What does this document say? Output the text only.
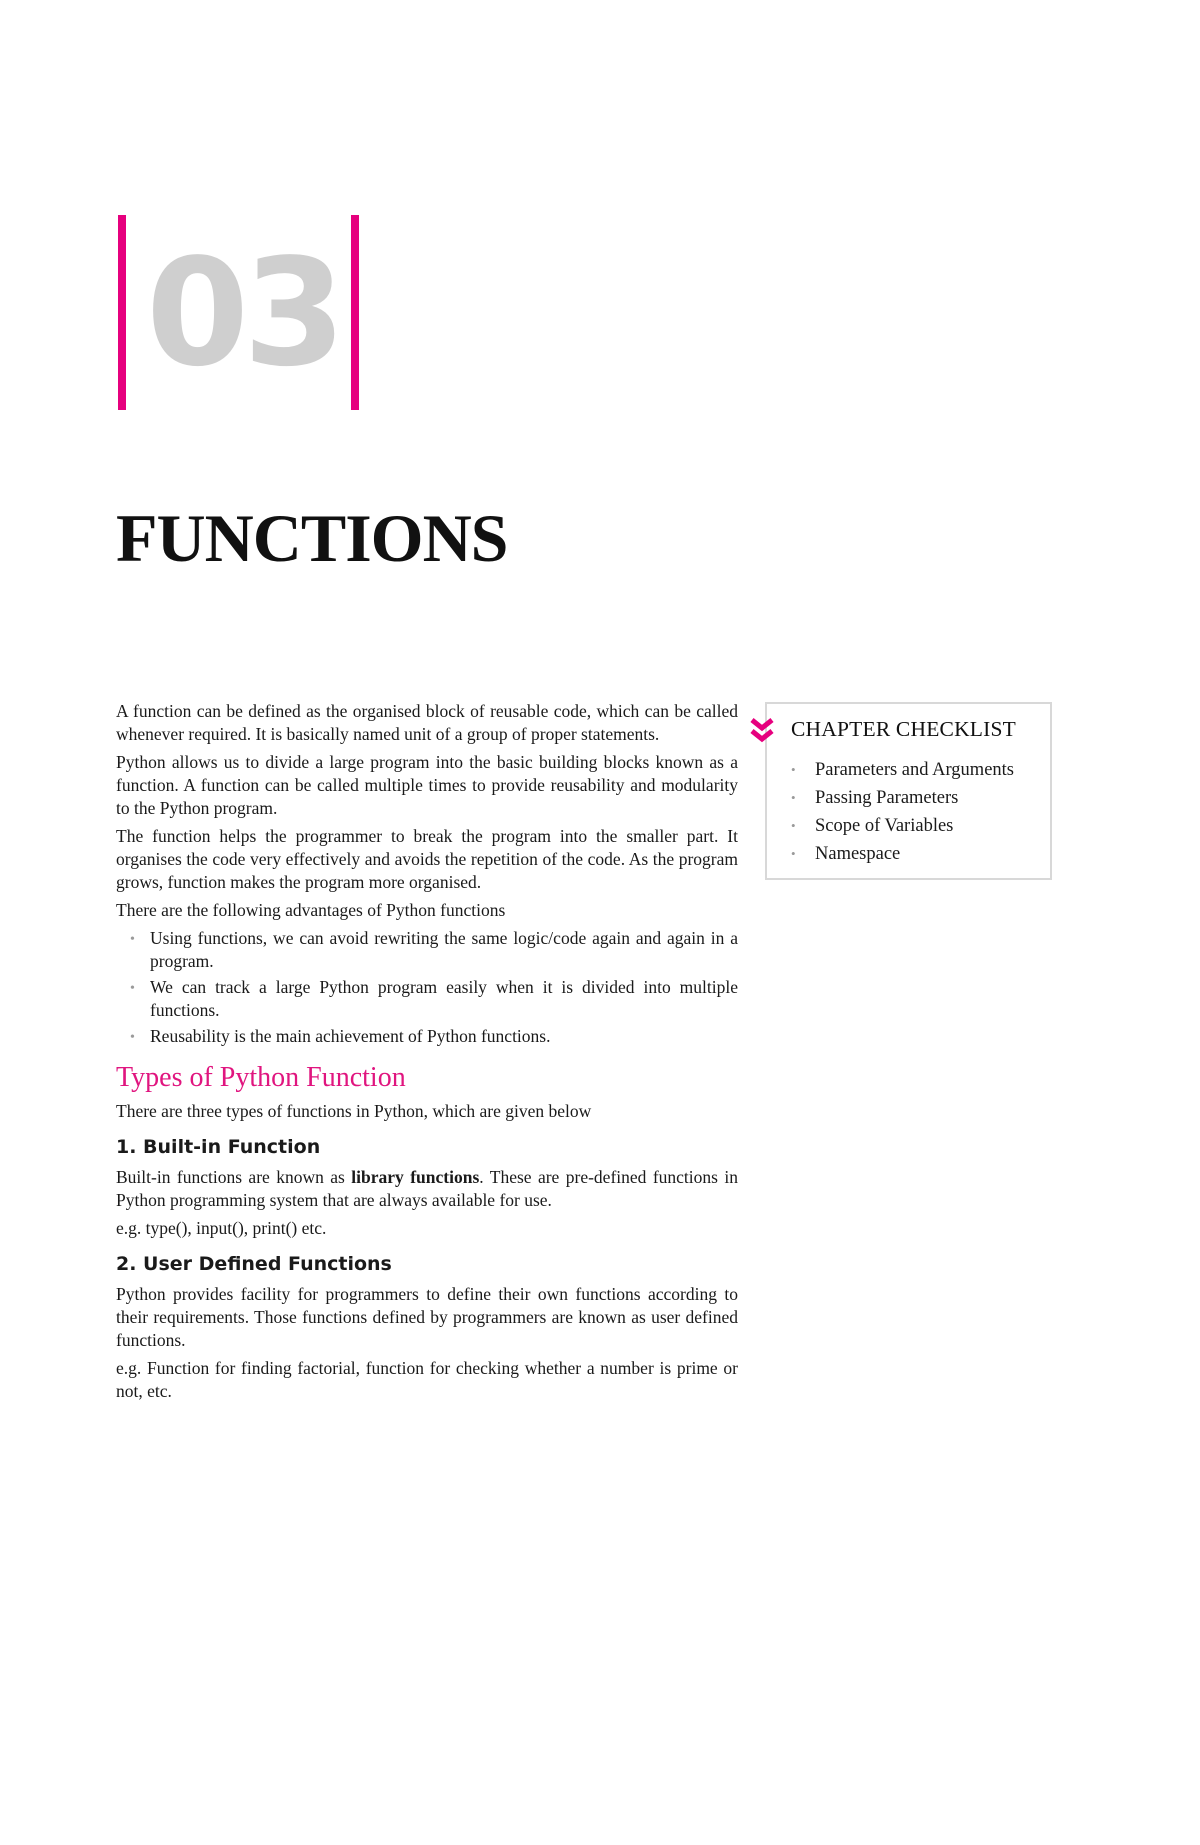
03
FUNCTIONS

A function can be defined as the organised block of reusable code, which can be called whenever required. It is basically named unit of a group of proper statements.

Python allows us to divide a large program into the basic building blocks known as a function. A function can be called multiple times to provide reusability and modularity to the Python program.

The function helps the programmer to break the program into the smaller part. It organises the code very effectively and avoids the repetition of the code. As the program grows, function makes the program more organised.

There are the following advantages of Python functions

• Using functions, we can avoid rewriting the same logic/code again and again in a program.
• We can track a large Python program easily when it is divided into multiple functions.
• Reusability is the main achievement of Python functions.
Types of Python Function

There are three types of functions in Python, which are given below

1. Built-in Function

Built-in functions are known as library functions. These are pre-defined functions in Python programming system that are always available for use.

e.g. type(), input(), print() etc.

2. User Defined Functions

Python provides facility for programmers to define their own functions according to their requirements. Those functions defined by programmers are known as user defined functions.

e.g. Function for finding factorial, function for checking whether a number is prime or not, etc.

CHAPTER CHECKLIST
• Parameters and Arguments
• Passing Parameters
• Scope of Variables
• Namespace
